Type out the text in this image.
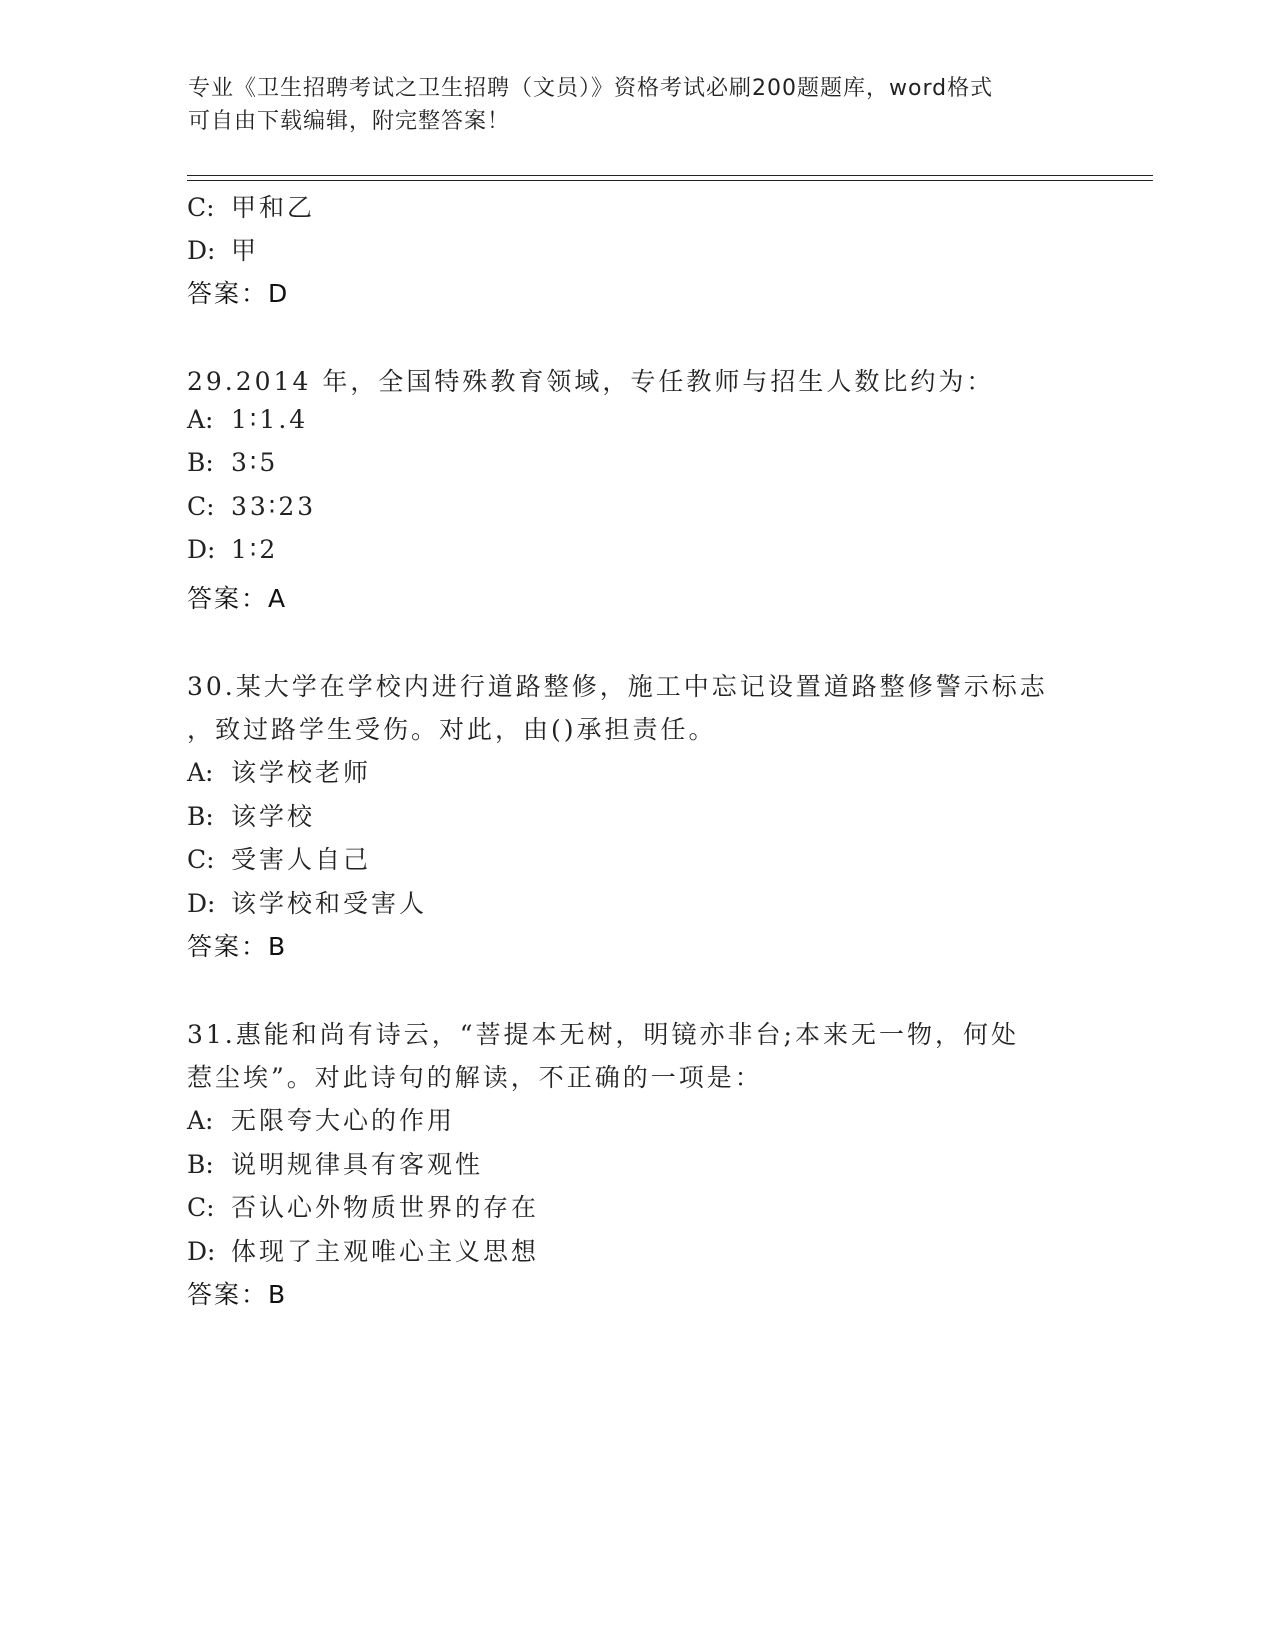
专业《卫生招聘考试之卫生招聘（文员）》资格考试必刷200题题库，word格式
可自由下载编辑，附完整答案！
C: 甲和乙
D: 甲
答案：D
29.2014 年，全国特殊教育领域，专任教师与招生人数比约为：
A: 1∶1.4
B: 3∶5
C: 33∶23
D: 1∶2
答案：A
30.某大学在学校内进行道路整修，施工中忘记设置道路整修警示标志
，致过路学生受伤。对此，由()承担责任。
A: 该学校老师
B: 该学校
C: 受害人自己
D: 该学校和受害人
答案：B
31.惠能和尚有诗云，“菩提本无树，明镜亦非台;本来无一物，何处
惹尘埃”。对此诗句的解读，不正确的一项是：
A: 无限夸大心的作用
B: 说明规律具有客观性
C: 否认心外物质世界的存在
D: 体现了主观唯心主义思想
答案：B
